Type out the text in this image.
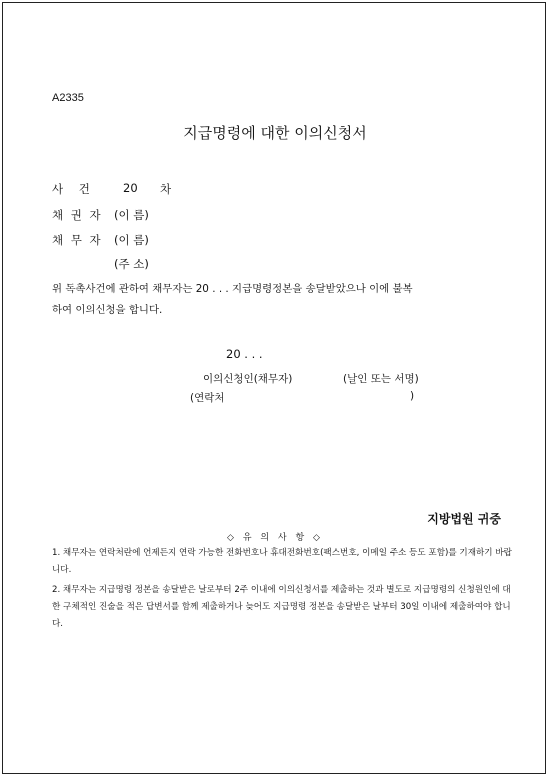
A2335
지급명령에 대한 이의신청서
사 건 20 차
채 권 자 (이 름)
채 무 자 (이 름)
(주 소)
위 독촉사건에 관하여 채무자는 20 . . . 지급명령정본을 송달받았으나 이에 불복
하여 이의신청을 합니다.
20 . . .
이의신청인(채무자)	(날인 또는 서명)
(연락처	)
지방법원 귀중
◇ 유 의 사 항 ◇
1. 채무자는 연락처란에 언제든지 연락 가능한 전화번호나 휴대전화번호(팩스번호, 이메일 주소 등도 포함)를 기재하기 바랍니다.
2. 채무자는 지급명령 정본을 송달받은 날로부터 2주 이내에 이의신청서를 제출하는 것과 별도로 지급명령의 신청원인에 대한 구체적인 진술을 적은 답변서를 함께 제출하거나 늦어도 지급명령 정본을 송달받은 날부터 30일 이내에 제출하여야 합니다.
